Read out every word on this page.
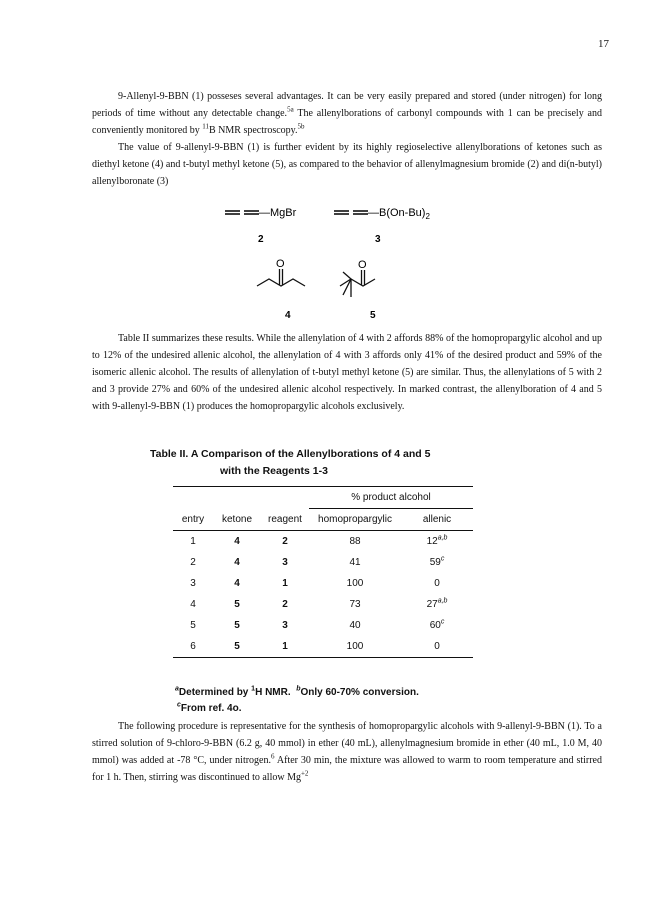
17

9-Allenyl-9-BBN (1) posseses several advantages. It can be very easily prepared and stored (under nitrogen) for long periods of time without any detectable change.$^{5a}$ The allenylborations of carbonyl compounds with 1 can be precisely and conveniently monitored by $^{11}$B NMR spectroscopy.$^{5b}$

The value of 9-allenyl-9-BBN (1) is further evident by its highly regioselective allenylborations of ketones such as diethyl ketone (4) and t-butyl methyl ketone (5), as compared to the behavior of allenylmagnesium bromide (2) and di(n-butyl) allenylboronate (3)

—MgBr
2
$—B(On-Bu)_2$
3
O
4
O
5

Table II summarizes these results. While the allenylation of 4 with 2 affords 88% of the homopropargylic alcohol and up to 12% of the undesired allenic alcohol, the allenylation of 4 with 3 affords only 41% of the desired product and 59% of the isomeric allenic alcohol. The results of allenylation of t-butyl methyl ketone (5) are similar. Thus, the allenylations of 5 with 2 and 3 provide 27% and 60% of the undesired allenic alcohol respectively. In marked contrast, the allenylboration of 4 and 5 with 9-allenyl-9-BBN (1) produces the homopropargylic alcohols exclusively.

Table II. A Comparison of the Allenylborations of 4 and 5
with the Reagents 1-3
			% product alcohol	
entry	ketone	reagent	homopropargylic	allenic
1	4	2	88	12$^{a,b}$
2	4	3	41	59$^c$
3	4	1	100	0
4	5	2	73	27$^{a,b}$
5	5	3	40	60$^c$
6	5	1	100	0
$^a$Determined by $^1$H NMR. $^b$Only 60-70% conversion.
$^c$From ref. 4o.

The following procedure is representative for the synthesis of homopropargylic alcohols with 9-allenyl-9-BBN (1). To a stirred solution of 9-chloro-9-BBN (6.2 g, 40 mmol) in ether (40 mL), allenylmagnesium bromide in ether (40 mL, 1.0 M, 40 mmol) was added at -78 °C, under nitrogen.$^6$ After 30 min, the mixture was allowed to warm to room temperature and stirred for 1 h. Then, stirring was discontinued to allow $Mg^{+2}$
